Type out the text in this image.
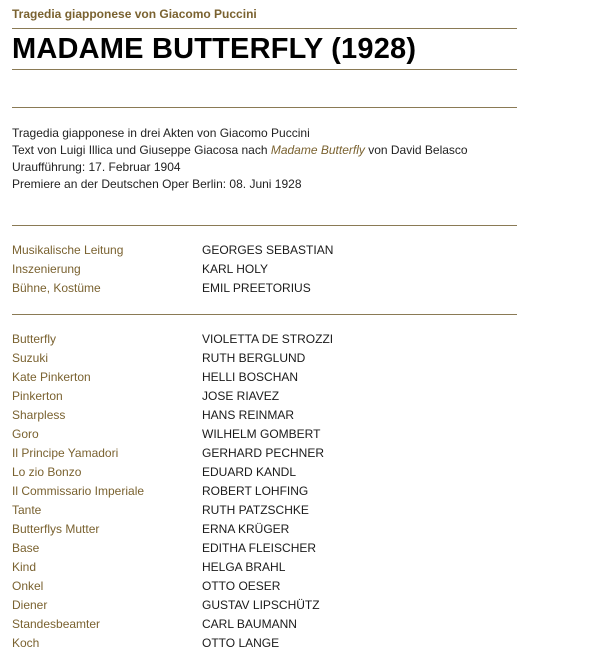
Tragedia giapponese von Giacomo Puccini
MADAME BUTTERFLY (1928)
Tragedia giapponese in drei Akten von Giacomo Puccini
Text von Luigi Illica und Giuseppe Giacosa nach Madame Butterfly von David Belasco
Uraufführung: 17. Februar 1904
Premiere an der Deutschen Oper Berlin: 08. Juni 1928
Musikalische Leitung	GEORGES SEBASTIAN
Inszenierung	KARL HOLY
Bühne, Kostüme	EMIL PREETORIUS
Butterfly	VIOLETTA DE STROZZI
Suzuki	RUTH BERGLUND
Kate Pinkerton	HELLI BOSCHAN
Pinkerton	JOSE RIAVEZ
Sharpless	HANS REINMAR
Goro	WILHELM GOMBERT
Il Principe Yamadori	GERHARD PECHNER
Lo zio Bonzo	EDUARD KANDL
Il Commissario Imperiale	ROBERT LOHFING
Tante	RUTH PATZSCHKE
Butterflys Mutter	ERNA KRÜGER
Base	EDITHA FLEISCHER
Kind	HELGA BRAHL
Onkel	OTTO OESER
Diener	GUSTAV LIPSCHÜTZ
Standesbeamter	CARL BAUMANN
Koch	OTTO LANGE
